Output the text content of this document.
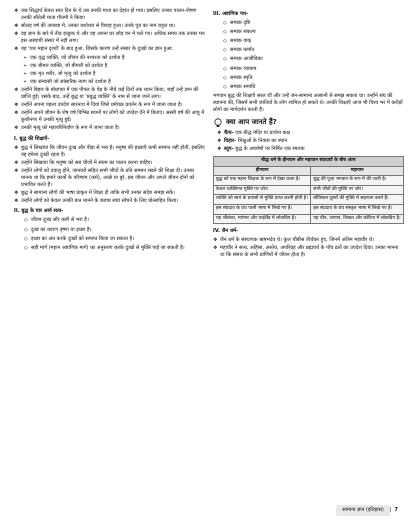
❖
जब सिद्धार्थ केवल सात दिन के थे तब उनकी माता का देहांत हो गया। इसलिए उनका पालन-पोषण उनकी सौतेली माता गौतमी ने किया।
❖
सोलह वर्ष की अवस्था में, उनका यशोधरा से विवाह हुआ। उनके पुत्र का नाम राहुल था।
❖
वह ज्ञान के बारे में तीव्र इच्छुक थे और वह अपना घर छोड़ वन में चले गए। अधिक समय तक उनका मन इस अस्थायी संसार में नहीं लगा।
❖
यह 'चार महान दृश्यों' के बाद हुआ, जिसके कारण उन्हें संसार के दुःखों का ज्ञान हुआ:
➢
एक वृद्ध व्यक्ति, जो जीवन की नश्वरता को दर्शाता है
➢
एक बीमार व्यक्ति, जो बीमारी को दर्शाता है
➢
एक मृत शरीर, जो मृत्यु को दर्शाता है
➢
एक संन्यासी जो सांसारिक त्याग को दर्शाता है
❖
उन्होंने बिहार के बोधगया में एक पीपल के पेड़ के नीचे कई दिनों तक ध्यान किया, जहाँ उन्हें ज्ञान की प्राप्ति हुई। उसके बाद, उन्हें बुद्ध या 'प्रबुद्ध व्यक्ति' के नाम से जाना जाने लगा।
❖
उन्होंने अपना पहला उपदेश सारनाथ में दिया जिसे धर्मचक्र प्रवर्तन के रूप में जाना जाता है।
❖
उन्होंने अपने जीवन के शेष वर्ष विभिन्न स्थानों पर लोगों को उपदेश देने में बिताए। अस्सी वर्ष की आयु में कुशीनगर में उनकी मृत्यु हुई।
❖
उनकी मृत्यु को महापरिनिर्वाण के रूप में जाना जाता है।
I. बुद्ध की शिक्षाएँ-
❖
बुद्ध ने सिखाया कि जीवन दुःख और पीड़ा से भरा है। मनुष्य की इच्छाएँ कभी समाप्त नहीं होतीं, इसलिए वह हमेशा दुःखी रहता है।
❖
उन्होंने सिखाया कि मनुष्य को सब चीजों में संयम का पालन करना चाहिए।
❖
उन्होंने लोगों को दयालु होने, जानवरों सहित सभी जीवों के प्रति सम्मान रखने की शिक्षा दी। उनका मानना था कि हमारे कार्यों के परिणाम (कर्म), अच्छे या बुरे, इस जीवन और अगले जीवन दोनों को प्रभावित करते हैं।
❖
बुद्ध ने सामान्य लोगों की भाषा प्राकृत में शिक्षा दी ताकि सभी उनका संदेश समझ सकें।
❖
उन्होंने लोगों को केवल उनकी बात मानने के बजाय स्वयं सोचने के लिए प्रोत्साहित किया।
II. बुद्ध के चार आर्य सत्य-
◇
जीवन दुःख और कष्टों से भरा है।
◇
दुःख का कारण तृष्णा या इच्छा है।
◇
इच्छा का अंत करके दुःखों को समाप्त किया जा सकता है।
◇
सही मार्ग (महान अष्टांगिक मार्ग) का अनुसरण करके दुःखों से मुक्ति पाई जा सकती है।
III. अष्टांगिक पथ-
◇
सम्यक दृष्टि
◇
सम्यक संकल्प
◇
सम्यक वाक्
◇
सम्यक कर्मांत
◇
सम्यक आजीविका
◇
सम्यक व्यायाम
◇
सम्यक स्मृति
◇
सम्यक समाधि
भगवान बुद्ध की शिक्षाएँ सरल थीं और उन्हें जन-सामान्य आसानी से समझ सकता था। उन्होंने संघ की स्थापना की, जिसमें सभी जातियों के लोग शामिल हो सकते थे। उनकी शिक्षाएँ आज भी विश्व भर में करोड़ों लोगों का मार्गदर्शन करती हैं।
क्या आप जानते हैं?
❖
चैत्य- एक बौद्ध मंदिर या प्रार्थना कक्ष
❖
विहार- भिक्षुओं के निवास का स्थान
❖
स्तूप- बुद्ध के अवशेषों पर निर्मित एक स्मारक
बौद्ध धर्म के हीनयान और महायान संप्रदायों के बीच अंतर	
हीनयान	महायान
बुद्ध को एक महान शिक्षक के रूप में देखा जाता है।	बुद्ध की पूजा भगवान के रूप में की जाती है।
केवल व्यक्तिगत मुक्ति पर जोर।	सभी जीवों की मुक्ति पर जोर।
व्यक्ति को स्वयं के प्रयासों से मुक्ति प्राप्त करनी होती है।	बोधिसत्व दूसरों की मुक्ति में सहायता करते हैं।
इस संप्रदाय के ग्रंथ पाली भाषा में लिखे गए हैं।	इस संप्रदाय के ग्रंथ संस्कृत भाषा में लिखे गए हैं।
यह श्रीलंका, म्यांमार और थाईलैंड में लोकप्रिय है।	यह चीन, जापान, तिब्बत और कोरिया में लोकप्रिय है।
IV. जैन धर्म-
❖
जैन धर्म के संस्थापक ऋषभदेव थे। कुल चौबीस तीर्थंकर हुए, जिनमें अंतिम महावीर थे।
❖
महावीर ने सत्य, अहिंसा, अस्तेय, अपरिग्रह और ब्रह्मचर्य के पाँच व्रतों का उपदेश दिया। उनका मानना था कि संसार के सभी प्राणियों में जीवन होता है।
सामान्य ज्ञान (इतिहास)	| 7
